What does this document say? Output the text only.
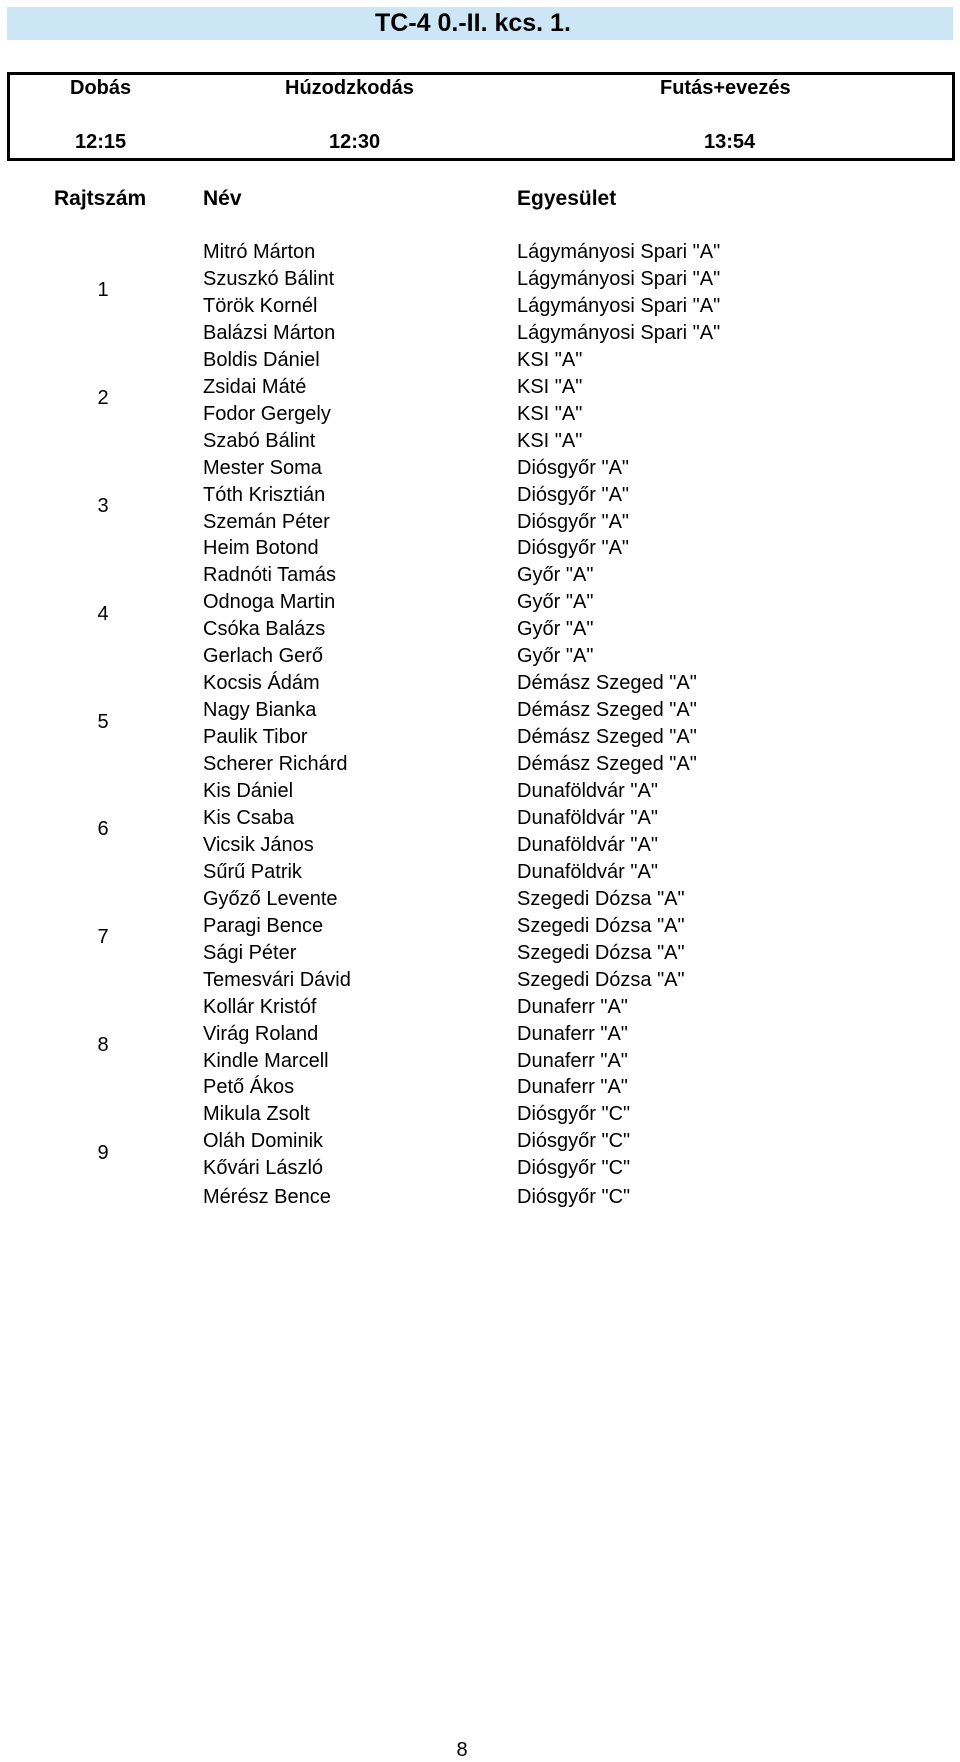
TC-4 0.-II. kcs. 1.
Dobás	Húzodzkodás	Futás+evezés
12:15	12:30	13:54
Rajtszám	Név	Egyesület
1
Mitró Márton	Lágymányosi Spari "A"
Szuszkó Bálint	Lágymányosi Spari "A"
Török Kornél	Lágymányosi Spari "A"
Balázsi Márton	Lágymányosi Spari "A"
2
Boldis Dániel	KSI "A"
Zsidai Máté	KSI "A"
Fodor Gergely	KSI "A"
Szabó Bálint	KSI "A"
3
Mester Soma	Diósgyőr "A"
Tóth Krisztián	Diósgyőr "A"
Szemán Péter	Diósgyőr "A"
Heim Botond	Diósgyőr "A"
4
Radnóti Tamás	Győr "A"
Odnoga Martin	Győr "A"
Csóka Balázs	Győr "A"
Gerlach Gerő	Győr "A"
5
Kocsis Ádám	Démász Szeged "A"
Nagy Bianka	Démász Szeged "A"
Paulik Tibor	Démász Szeged "A"
Scherer Richárd	Démász Szeged "A"
6
Kis Dániel	Dunaföldvár "A"
Kis Csaba	Dunaföldvár "A"
Vicsik János	Dunaföldvár "A"
Sűrű Patrik	Dunaföldvár "A"
7
Győző Levente	Szegedi Dózsa "A"
Paragi Bence	Szegedi Dózsa "A"
Sági Péter	Szegedi Dózsa "A"
Temesvári Dávid	Szegedi Dózsa "A"
8
Kollár Kristóf	Dunaferr "A"
Virág Roland	Dunaferr "A"
Kindle Marcell	Dunaferr "A"
Pető Ákos	Dunaferr "A"
9
Mikula Zsolt	Diósgyőr "C"
Oláh Dominik	Diósgyőr "C"
Kővári László	Diósgyőr "C"
Mérész Bence	Diósgyőr "C"
8
